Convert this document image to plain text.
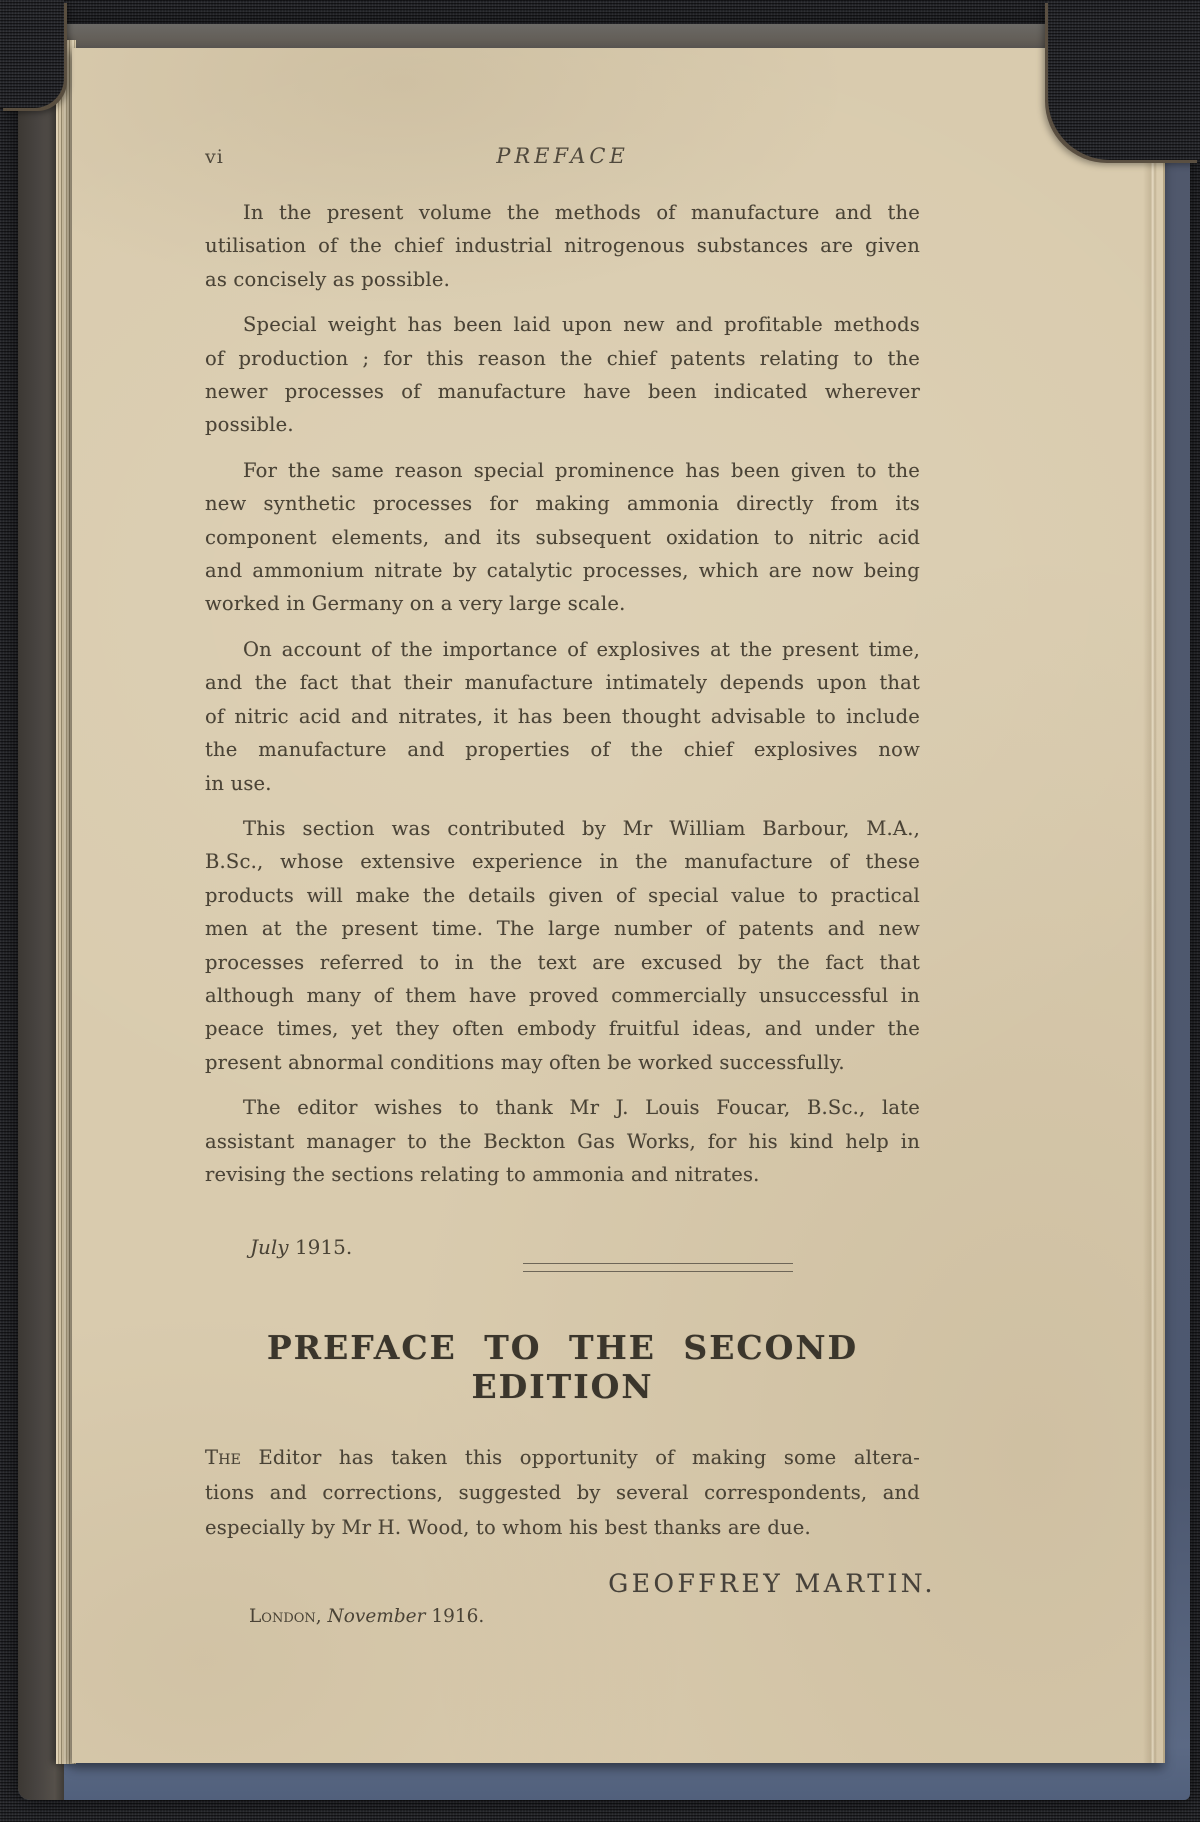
vi	PREFACE
In the present volume the methods of manufacture and the
utilisation of the chief industrial nitrogenous substances are given
as concisely as possible.
Special weight has been laid upon new and profitable methods
of production ; for this reason the chief patents relating to the
newer processes of manufacture have been indicated wherever
possible.
For the same reason special prominence has been given to the
new synthetic processes for making ammonia directly from its
component elements, and its subsequent oxidation to nitric acid
and ammonium nitrate by catalytic processes, which are now being
worked in Germany on a very large scale.
On account of the importance of explosives at the present time,
and the fact that their manufacture intimately depends upon that
of nitric acid and nitrates, it has been thought advisable to include
the manufacture and properties of the chief explosives now
in use.
This section was contributed by Mr William Barbour, M.A.,
B.Sc., whose extensive experience in the manufacture of these
products will make the details given of special value to practical
men at the present time. The large number of patents and new
processes referred to in the text are excused by the fact that
although many of them have proved commercially unsuccessful in
peace times, yet they often embody fruitful ideas, and under the
present abnormal conditions may often be worked successfully.
The editor wishes to thank Mr J. Louis Foucar, B.Sc., late
assistant manager to the Beckton Gas Works, for his kind help in
revising the sections relating to ammonia and nitrates.
July 1915.
PREFACE TO THE SECOND EDITION
The Editor has taken this opportunity of making some altera-
tions and corrections, suggested by several correspondents, and
especially by Mr H. Wood, to whom his best thanks are due.
GEOFFREY MARTIN.
London, November 1916.
